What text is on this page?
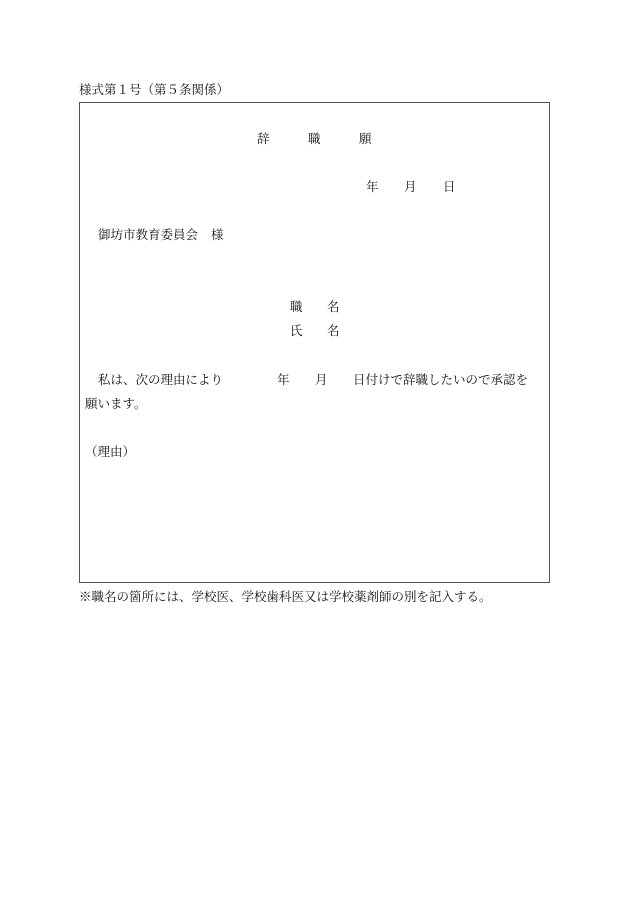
様式第１号（第５条関係）
辞	職	願
年 月 日
御坊市教育委員会 様
職 名
氏 名
私は、次の理由により	年 月 日付けで辞職したいので承認を
願います。
（理由）
※職名の箇所には、学校医、学校歯科医又は学校薬剤師の別を記入する。
